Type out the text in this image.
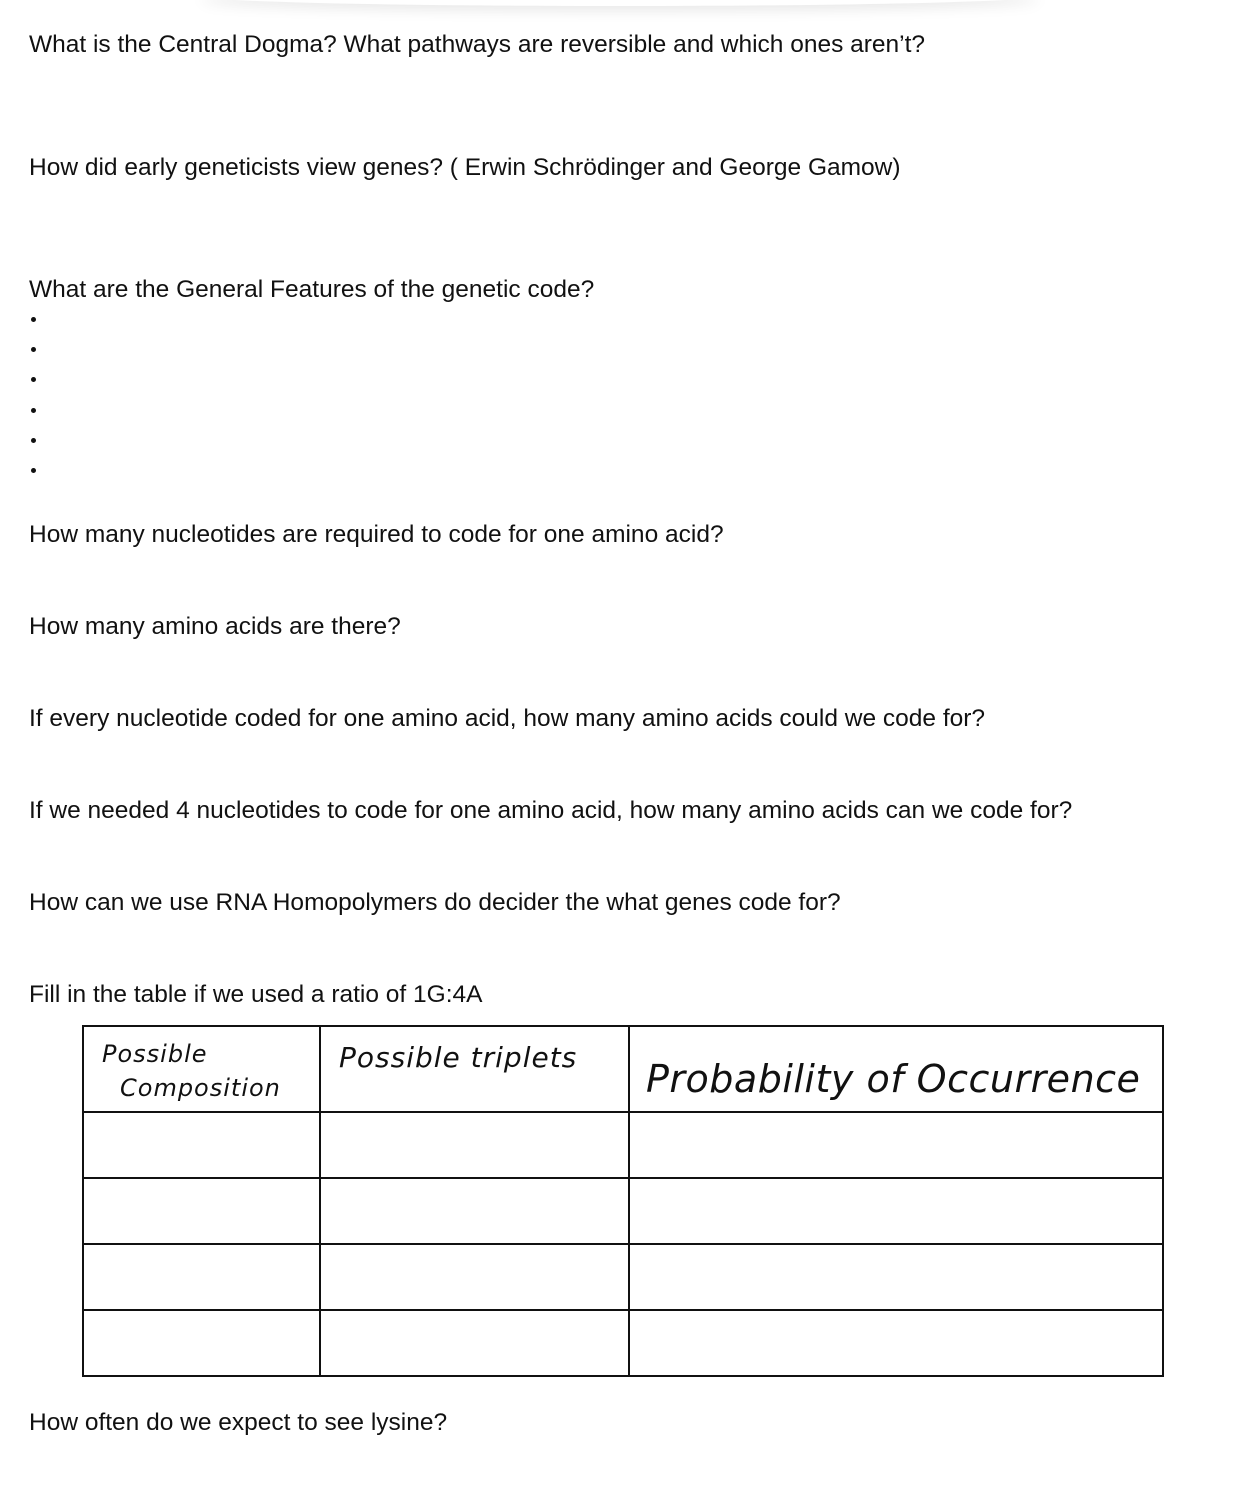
What is the Central Dogma? What pathways are reversible and which ones aren’t?

How did early geneticists view genes? ( Erwin Schrödinger and George Gamow)

What are the General Features of the genetic code?

How many nucleotides are required to code for one amino acid?

How many amino acids are there?

If every nucleotide coded for one amino acid, how many amino acids could we code for?

If we needed 4 nucleotides to code for one amino acid, how many amino acids can we code for?

How can we use RNA Homopolymers do decider the what genes code for?

Fill in the table if we used a ratio of 1G:4A

Possible
Composition	Possible triplets	Probability of Occurrence

How often do we expect to see lysine?
